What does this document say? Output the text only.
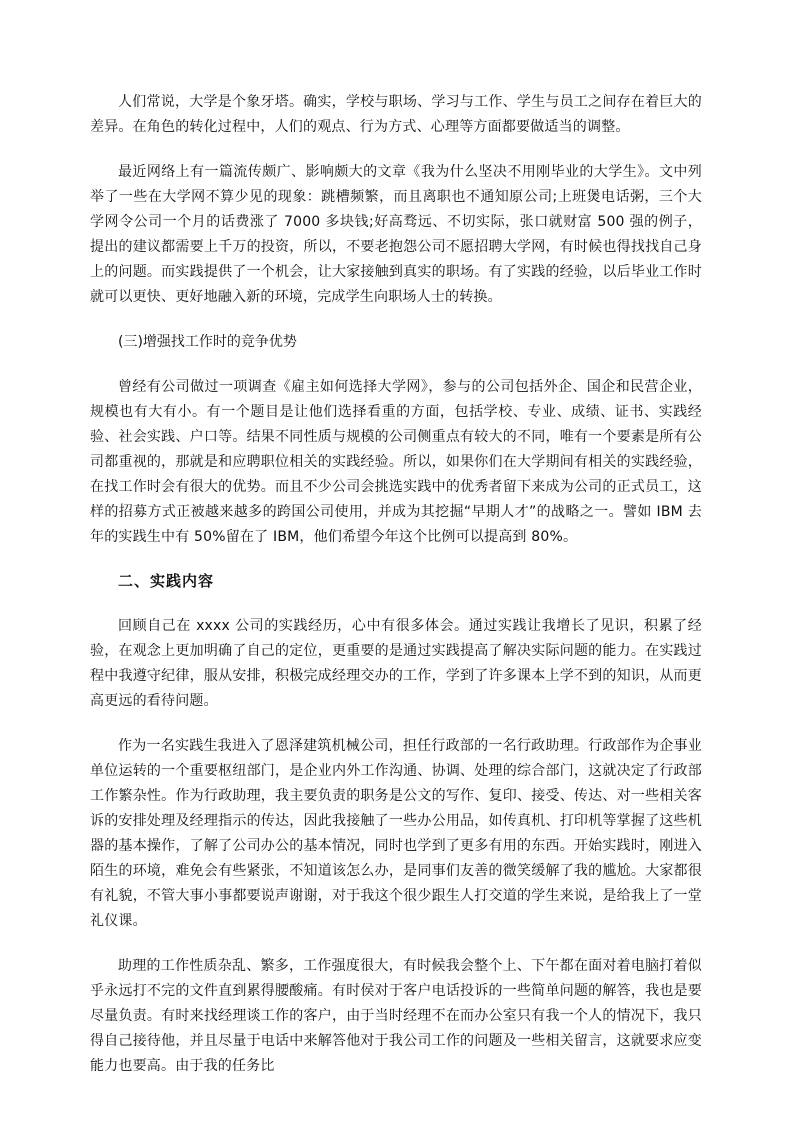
人们常说，大学是个象牙塔。确实，学校与职场、学习与工作、学生与员工之间存在着巨大的差异。在角色的转化过程中，人们的观点、行为方式、心理等方面都要做适当的调整。

最近网络上有一篇流传颇广、影响颇大的文章《我为什么坚决不用刚毕业的大学生》。文中列举了一些在大学网不算少见的现象：跳槽频繁，而且离职也不通知原公司;上班煲电话粥，三个大学网令公司一个月的话费涨了 7000 多块钱;好高骛远、不切实际，张口就财富 500 强的例子，提出的建议都需要上千万的投资，所以，不要老抱怨公司不愿招聘大学网，有时候也得找找自己身上的问题。而实践提供了一个机会，让大家接触到真实的职场。有了实践的经验，以后毕业工作时就可以更快、更好地融入新的环境，完成学生向职场人士的转换。

(三)增强找工作时的竞争优势

曾经有公司做过一项调查《雇主如何选择大学网》，参与的公司包括外企、国企和民营企业，规模也有大有小。有一个题目是让他们选择看重的方面，包括学校、专业、成绩、证书、实践经验、社会实践、户口等。结果不同性质与规模的公司侧重点有较大的不同，唯有一个要素是所有公司都重视的，那就是和应聘职位相关的实践经验。所以，如果你们在大学期间有相关的实践经验，在找工作时会有很大的优势。而且不少公司会挑选实践中的优秀者留下来成为公司的正式员工，这样的招募方式正被越来越多的跨国公司使用，并成为其挖掘“早期人才”的战略之一。譬如 IBM 去年的实践生中有 50%留在了 IBM，他们希望今年这个比例可以提高到 80%。

二、实践内容

回顾自己在 xxxx 公司的实践经历，心中有很多体会。通过实践让我增长了见识，积累了经验，在观念上更加明确了自己的定位，更重要的是通过实践提高了解决实际问题的能力。在实践过程中我遵守纪律，服从安排，积极完成经理交办的工作，学到了许多课本上学不到的知识，从而更高更远的看待问题。

作为一名实践生我进入了恩泽建筑机械公司，担任行政部的一名行政助理。行政部作为企事业单位运转的一个重要枢纽部门，是企业内外工作沟通、协调、处理的综合部门，这就决定了行政部工作繁杂性。作为行政助理，我主要负责的职务是公文的写作、复印、接受、传达、对一些相关客诉的安排处理及经理指示的传达，因此我接触了一些办公用品，如传真机、打印机等掌握了这些机器的基本操作，了解了公司办公的基本情况，同时也学到了更多有用的东西。开始实践时，刚进入陌生的环境，难免会有些紧张，不知道该怎么办，是同事们友善的微笑缓解了我的尴尬。大家都很有礼貌，不管大事小事都要说声谢谢，对于我这个很少跟生人打交道的学生来说，是给我上了一堂礼仪课。

助理的工作性质杂乱、繁多，工作强度很大，有时候我会整个上、下午都在面对着电脑打着似乎永远打不完的文件直到累得腰酸痛。有时侯对于客户电话投诉的一些简单问题的解答，我也是要尽量负责。有时来找经理谈工作的客户，由于当时经理不在而办公室只有我一个人的情况下，我只得自己接待他，并且尽量于电话中来解答他对于我公司工作的问题及一些相关留言，这就要求应变能力也要高。由于我的任务比
